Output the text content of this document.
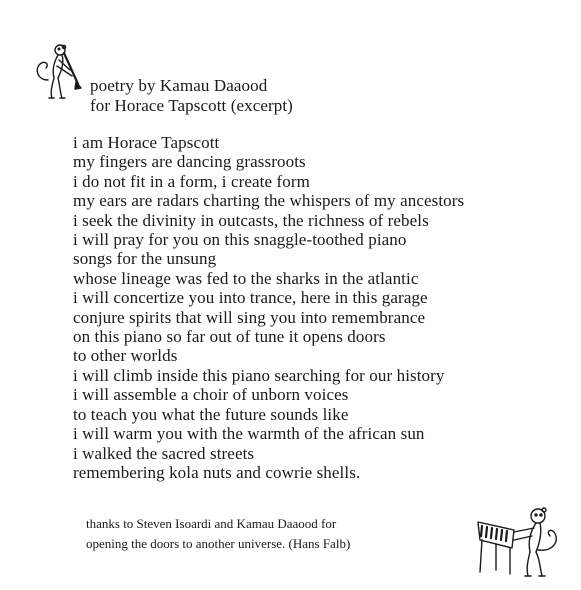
poetry by Kamau Daaood
for Horace Tapscott (excerpt)
i am Horace Tapscott
my fingers are dancing grassroots
i do not fit in a form, i create form
my ears are radars charting the whispers of my ancestors
i seek the divinity in outcasts, the richness of rebels
i will pray for you on this snaggle-toothed piano
songs for the unsung
whose lineage was fed to the sharks in the atlantic
i will concertize you into trance, here in this garage
conjure spirits that will sing you into remembrance
on this piano so far out of tune it opens doors
to other worlds
i will climb inside this piano searching for our history
i will assemble a choir of unborn voices
to teach you what the future sounds like
i will warm you with the warmth of the african sun
i walked the sacred streets
remembering kola nuts and cowrie shells.
thanks to Steven Isoardi and Kamau Daaood for
opening the doors to another universe. (Hans Falb)
